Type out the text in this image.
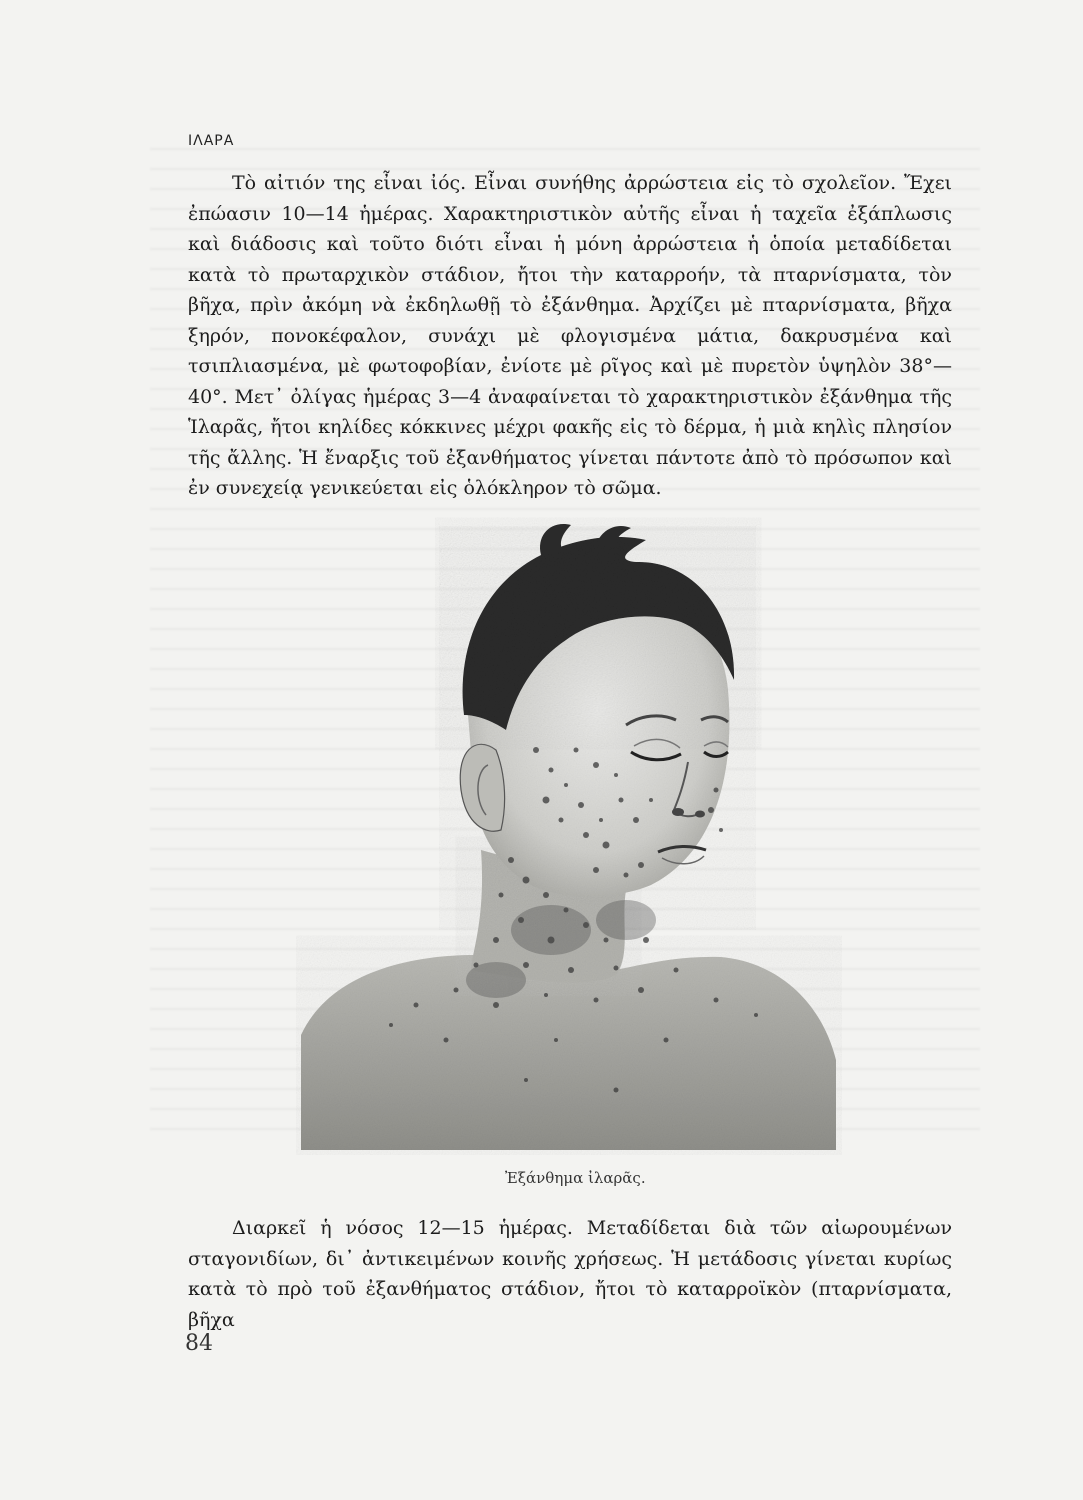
ΙΛΑΡΑ

Τὸ αἰτιόν της εἶναι ἰός. Εἶναι συνήθης ἀρρώστεια εἰς τὸ σχολεῖον. Ἔχει ἐπώασιν 10—14 ἡμέρας. Χαρακτηριστικὸν αὐτῆς εἶναι ἡ ταχεῖα ἐξάπλωσις καὶ διάδοσις καὶ τοῦτο διότι εἶναι ἡ μόνη ἀρρώστεια ἡ ὁποία μεταδίδεται κατὰ τὸ πρωταρχικὸν στάδιον, ἤτοι τὴν καταρροήν, τὰ πταρνίσματα, τὸν βῆχα, πρὶν ἀκόμη νὰ ἐκδηλωθῇ τὸ ἐξάνθημα. Ἀρχίζει μὲ πταρνίσματα, βῆχα ξηρόν, πονοκέφαλον, συνάχι μὲ φλογισμένα μάτια, δακρυσμένα καὶ τσιπλιασμένα, μὲ φωτοφοβίαν, ἐνίοτε μὲ ρῖγος καὶ μὲ πυρετὸν ὑψηλὸν 38°—40°. Μετ᾿ ὀλίγας ἡμέρας 3—4 ἀναφαίνεται τὸ χαρακτηριστικὸν ἐξάνθημα τῆς Ἱλαρᾶς, ἤτοι κηλίδες κόκκινες μέχρι φακῆς εἰς τὸ δέρμα, ἡ μιὰ κηλὶς πλησίον τῆς ἄλλης. Ἡ ἔναρξις τοῦ ἐξανθήματος γίνεται πάντοτε ἀπὸ τὸ πρόσωπον καὶ ἐν συνεχείᾳ γενικεύεται εἰς ὁλόκληρον τὸ σῶμα.

Ἐξάνθημα ἰλαρᾶς.

Διαρκεῖ ἡ νόσος 12—15 ἡμέρας. Μεταδίδεται διὰ τῶν αἰωρουμένων σταγονιδίων, δι᾿ ἀντικειμένων κοινῆς χρήσεως. Ἡ μετάδοσις γίνεται κυρίως κατὰ τὸ πρὸ τοῦ ἐξανθήματος στάδιον, ἤτοι τὸ καταρροϊκὸν (πταρνίσματα, βῆχα

84
